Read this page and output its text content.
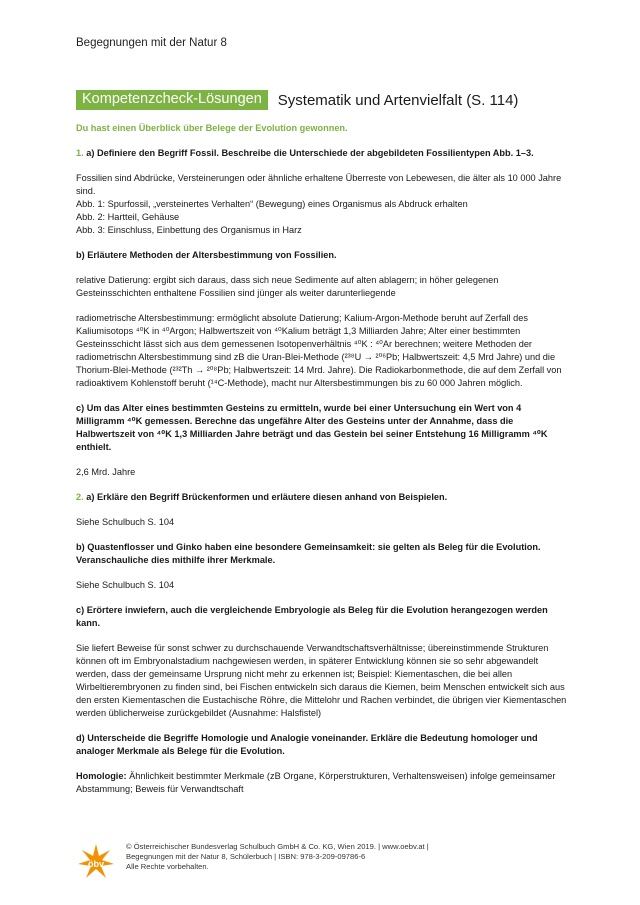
Begegnungen mit der Natur 8
Kompetenzcheck-Lösungen	Systematik und Artenvielfalt (S. 114)

Du hast einen Überblick über Belege der Evolution gewonnen.

1. a) Definiere den Begriff Fossil. Beschreibe die Unterschiede der abgebildeten Fossilientypen Abb. 1–3.

Fossilien sind Abdrücke, Versteinerungen oder ähnliche erhaltene Überreste von Lebewesen, die älter als 10 000 Jahre sind.
Abb. 1: Spurfossil, „versteinertes Verhalten“ (Bewegung) eines Organismus als Abdruck erhalten
Abb. 2: Hartteil, Gehäuse
Abb. 3: Einschluss, Einbettung des Organismus in Harz

b) Erläutere Methoden der Altersbestimmung von Fossilien.

relative Datierung: ergibt sich daraus, dass sich neue Sedimente auf alten ablagern; in höher gelegenen Gesteinsschichten enthaltene Fossilien sind jünger als weiter darunterliegende

radiometrische Altersbestimmung: ermöglicht absolute Datierung; Kalium-Argon-Methode beruht auf Zerfall des Kaliumisotops ⁴⁰K in ⁴⁰Argon; Halbwertszeit von ⁴⁰Kalium beträgt 1,3 Milliarden Jahre; Alter einer bestimmten Gesteinsschicht lässt sich aus dem gemessenen Isotopenverhältnis ⁴⁰K : ⁴⁰Ar berechnen; weitere Methoden der radiometrischn Altersbestimmung sind zB die Uran-Blei-Methode (²³⁸U → ²⁰⁶Pb; Halbwertszeit: 4,5 Mrd Jahre) und die Thorium-Blei-Methode (²³²Th → ²⁰⁸Pb; Halbwertszeit: 14 Mrd. Jahre). Die Radiokarbonmethode, die auf dem Zerfall von radioaktivem Kohlenstoff beruht (¹⁴C-Methode), macht nur Altersbestimmungen bis zu 60 000 Jahren möglich.

c) Um das Alter eines bestimmten Gesteins zu ermitteln, wurde bei einer Untersuchung ein Wert von 4 Milligramm ⁴⁰K gemessen. Berechne das ungefähre Alter des Gesteins unter der Annahme, dass die Halbwertszeit von ⁴⁰K 1,3 Milliarden Jahre beträgt und das Gestein bei seiner Entstehung 16 Milligramm ⁴⁰K enthielt.

2,6 Mrd. Jahre

2. a) Erkläre den Begriff Brückenformen und erläutere diesen anhand von Beispielen.

Siehe Schulbuch S. 104

b) Quastenflosser und Ginko haben eine besondere Gemeinsamkeit: sie gelten als Beleg für die Evolution. Veranschauliche dies mithilfe ihrer Merkmale.

Siehe Schulbuch S. 104

c) Erörtere inwiefern, auch die vergleichende Embryologie als Beleg für die Evolution herangezogen werden kann.

Sie liefert Beweise für sonst schwer zu durchschauende Verwandtschaftsverhältnisse; übereinstimmende Strukturen können oft im Embryonalstadium nachgewiesen werden, in späterer Entwicklung können sie so sehr abgewandelt werden, dass der gemeinsame Ursprung nicht mehr zu erkennen ist; Beispiel: Kiementaschen, die bei allen Wirbeltierembryonen zu finden sind, bei Fischen entwickeln sich daraus die Kiemen, beim Menschen entwickelt sich aus den ersten Kiementaschen die Eustachische Röhre, die Mittelohr und Rachen verbindet, die übrigen vier Kiementaschen werden üblicherweise zurückgebildet (Ausnahme: Halsfistel)

d) Unterscheide die Begriffe Homologie und Analogie voneinander. Erkläre die Bedeutung homologer und analoger Merkmale als Belege für die Evolution.

Homologie: Ähnlichkeit bestimmter Merkmale (zB Organe, Körperstrukturen, Verhaltensweisen) infolge gemeinsamer Abstammung; Beweis für Verwandtschaft

öbv
© Österreichischer Bundesverlag Schulbuch GmbH & Co. KG, Wien 2019. | www.oebv.at |
Begegnungen mit der Natur 8, Schülerbuch | ISBN: 978-3-209-09786-6
Alle Rechte vorbehalten.
